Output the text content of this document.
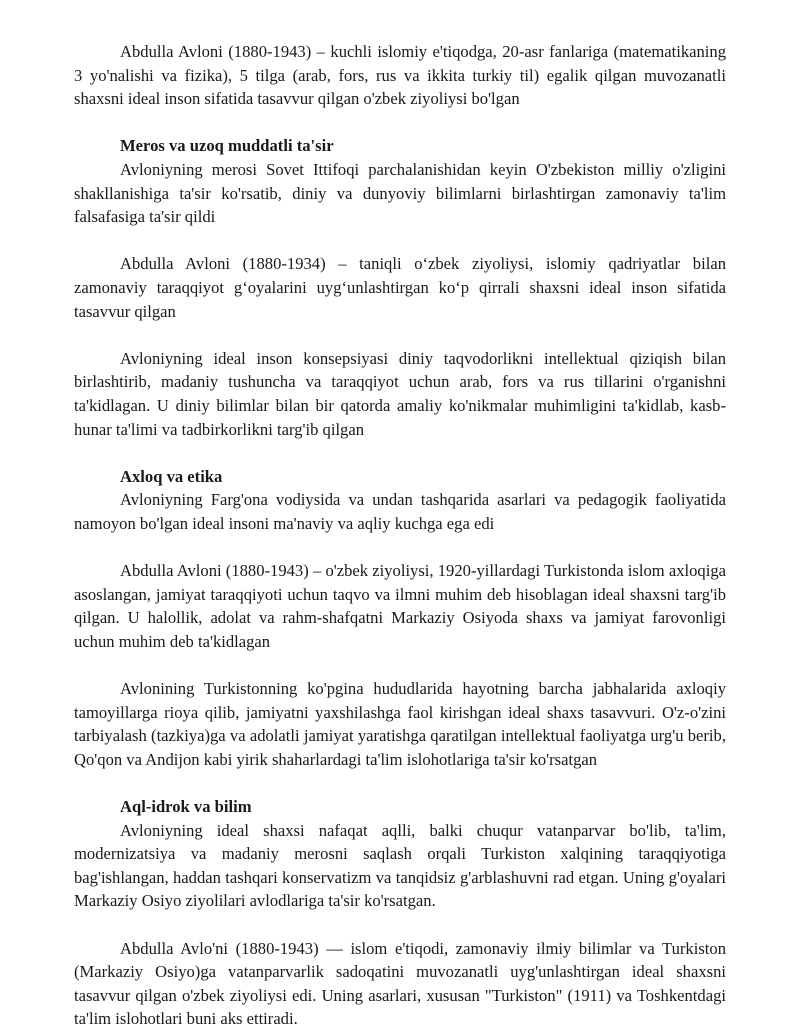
Abdulla Avloni (1880-1943) – kuchli islomiy e'tiqodga, 20-asr fanlariga (matematikaning 3 yo'nalishi va fizika), 5 tilga (arab, fors, rus va ikkita turkiy til) egalik qilgan muvozanatli shaxsni ideal inson sifatida tasavvur qilgan o'zbek ziyoliysi bo'lgan

Meros va uzoq muddatli ta'sir

Avloniyning merosi Sovet Ittifoqi parchalanishidan keyin O'zbekiston milliy o'zligini shakllanishiga ta'sir ko'rsatib, diniy va dunyoviy bilimlarni birlashtirgan zamonaviy ta'lim falsafasiga ta'sir qildi

Abdulla Avloni (1880-1934) – taniqli o‘zbek ziyoliysi, islomiy qadriyatlar bilan zamonaviy taraqqiyot g‘oyalarini uyg‘unlashtirgan ko‘p qirrali shaxsni ideal inson sifatida tasavvur qilgan

Avloniyning ideal inson konsepsiyasi diniy taqvodorlikni intellektual qiziqish bilan birlashtirib, madaniy tushuncha va taraqqiyot uchun arab, fors va rus tillarini o'rganishni ta'kidlagan. U diniy bilimlar bilan bir qatorda amaliy ko'nikmalar muhimligini ta'kidlab, kasb-hunar ta'limi va tadbirkorlikni targ'ib qilgan

Axloq va etika

Avloniyning Farg'ona vodiysida va undan tashqarida asarlari va pedagogik faoliyatida namoyon bo'lgan ideal insoni ma'naviy va aqliy kuchga ega edi

Abdulla Avloni (1880-1943) – o'zbek ziyoliysi, 1920-yillardagi Turkistonda islom axloqiga asoslangan, jamiyat taraqqiyoti uchun taqvo va ilmni muhim deb hisoblagan ideal shaxsni targ'ib qilgan. U halollik, adolat va rahm-shafqatni Markaziy Osiyoda shaxs va jamiyat farovonligi uchun muhim deb ta'kidlagan

Avlonining Turkistonning ko'pgina hududlarida hayotning barcha jabhalarida axloqiy tamoyillarga rioya qilib, jamiyatni yaxshilashga faol kirishgan ideal shaxs tasavvuri. O'z-o'zini tarbiyalash (tazkiya)ga va adolatli jamiyat yaratishga qaratilgan intellektual faoliyatga urg'u berib, Qo'qon va Andijon kabi yirik shaharlardagi ta'lim islohotlariga ta'sir ko'rsatgan

Aql-idrok va bilim

Avloniyning ideal shaxsi nafaqat aqlli, balki chuqur vatanparvar bo'lib, ta'lim, modernizatsiya va madaniy merosni saqlash orqali Turkiston xalqining taraqqiyotiga bag'ishlangan, haddan tashqari konservatizm va tanqidsiz g'arblashuvni rad etgan. Uning g'oyalari Markaziy Osiyo ziyolilari avlodlariga ta'sir ko'rsatgan.

Abdulla Avlo'ni (1880-1943) — islom e'tiqodi, zamonaviy ilmiy bilimlar va Turkiston (Markaziy Osiyo)ga vatanparvarlik sadoqatini muvozanatli uyg'unlashtirgan ideal shaxsni tasavvur qilgan o'zbek ziyoliysi edi. Uning asarlari, xususan "Turkiston" (1911) va Toshkentdagi ta'lim islohotlari buni aks ettiradi.
